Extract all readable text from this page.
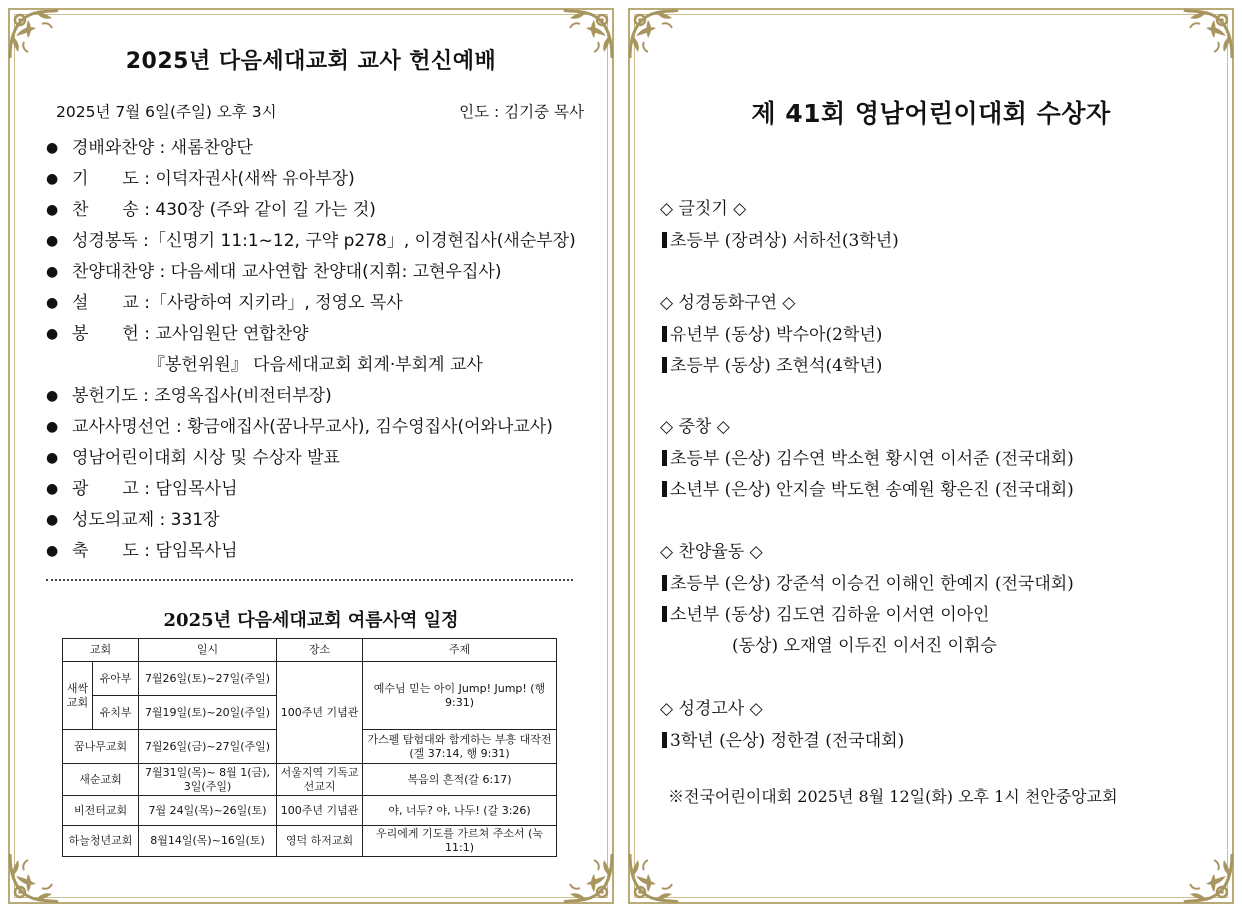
2025년 다음세대교회 교사 헌신예배
2025년 7월 6일(주일) 오후 3시	인도 : 김기중 목사
● 경배와찬양 : 새롬찬양단
● 기　　도 : 이덕자권사(새싹 유아부장)
● 찬　　송 : 430장 (주와 같이 길 가는 것)
● 성경봉독 :「신명기 11:1~12, 구약 p278」, 이경현집사(새순부장)
● 찬양대찬양 : 다음세대 교사연합 찬양대(지휘: 고현우집사)
● 설　　교 :「사랑하여 지키라」, 정영오 목사
● 봉　　헌 : 교사임원단 연합찬양
『봉헌위원』 다음세대교회 회계·부회계 교사
● 봉헌기도 : 조영옥집사(비전터부장)
● 교사사명선언 : 황금애집사(꿈나무교사), 김수영집사(어와나교사)
● 영남어린이대회 시상 및 수상자 발표
● 광　　고 : 담임목사님
● 성도의교제 : 331장
● 축　　도 : 담임목사님
2025년 다음세대교회 여름사역 일정
교회		일시	장소	주제
새싹교회	유아부	7월26일(토)~27일(주일)	100주년 기념관	예수님 믿는 아이 Jump! Jump! (행 9:31)
	유치부	7월19일(토)~20일(주일)		
꿈나무교회		7월26일(금)~27일(주일)		가스펠 탐험대와 함게하는 부흥 대작전(겔 37:14, 행 9:31)
새순교회		7월31일(목)~ 8월 1(금), 3일(주일)	서울지역 기독교 선교지	복음의 흔적(갈 6:17)
비전터교회		7월 24일(목)~26일(토)	100주년 기념관	야, 너두? 야, 나두! (갈 3:26)
하늘청년교회		8월14일(목)~16일(토)	영덕 하저교회	우리에게 기도를 가르쳐 주소서 (눅11:1)
제 41회 영남어린이대회 수상자
◇ 글짓기 ◇
초등부 (장려상) 서하선(3학년)
◇ 성경동화구연 ◇
유년부 (동상) 박수아(2학년)
초등부 (동상) 조현석(4학년)
◇ 중창 ◇
초등부 (은상) 김수연 박소현 황시연 이서준 (전국대회)
소년부 (은상) 안지슬 박도현 송예원 황은진 (전국대회)
◇ 찬양율동 ◇
초등부 (은상) 강준석 이승건 이해인 한예지 (전국대회)
소년부 (동상) 김도연 김하윤 이서연 이아인
(동상) 오재열 이두진 이서진 이휘승
◇ 성경고사 ◇
3학년 (은상) 정한결 (전국대회)
※전국어린이대회 2025년 8월 12일(화) 오후 1시 천안중앙교회
